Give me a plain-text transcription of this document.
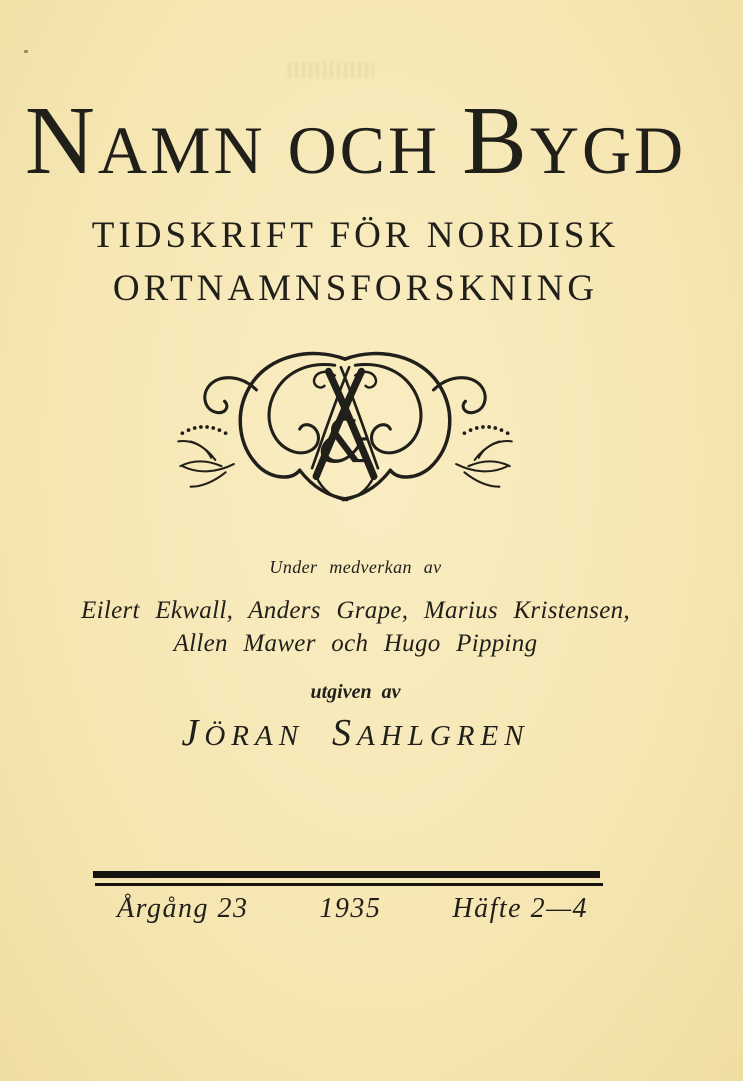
NAMN OCH BYGD
TIDSKRIFT FÖR NORDISK
ORTNAMNSFORSKNING
&
Under medverkan av
Eilert Ekwall, Anders Grape, Marius Kristensen,
Allen Mawer och Hugo Pipping
utgiven av
JÖRAN SAHLGREN
Årgång 23	1935	Häfte 2—4
